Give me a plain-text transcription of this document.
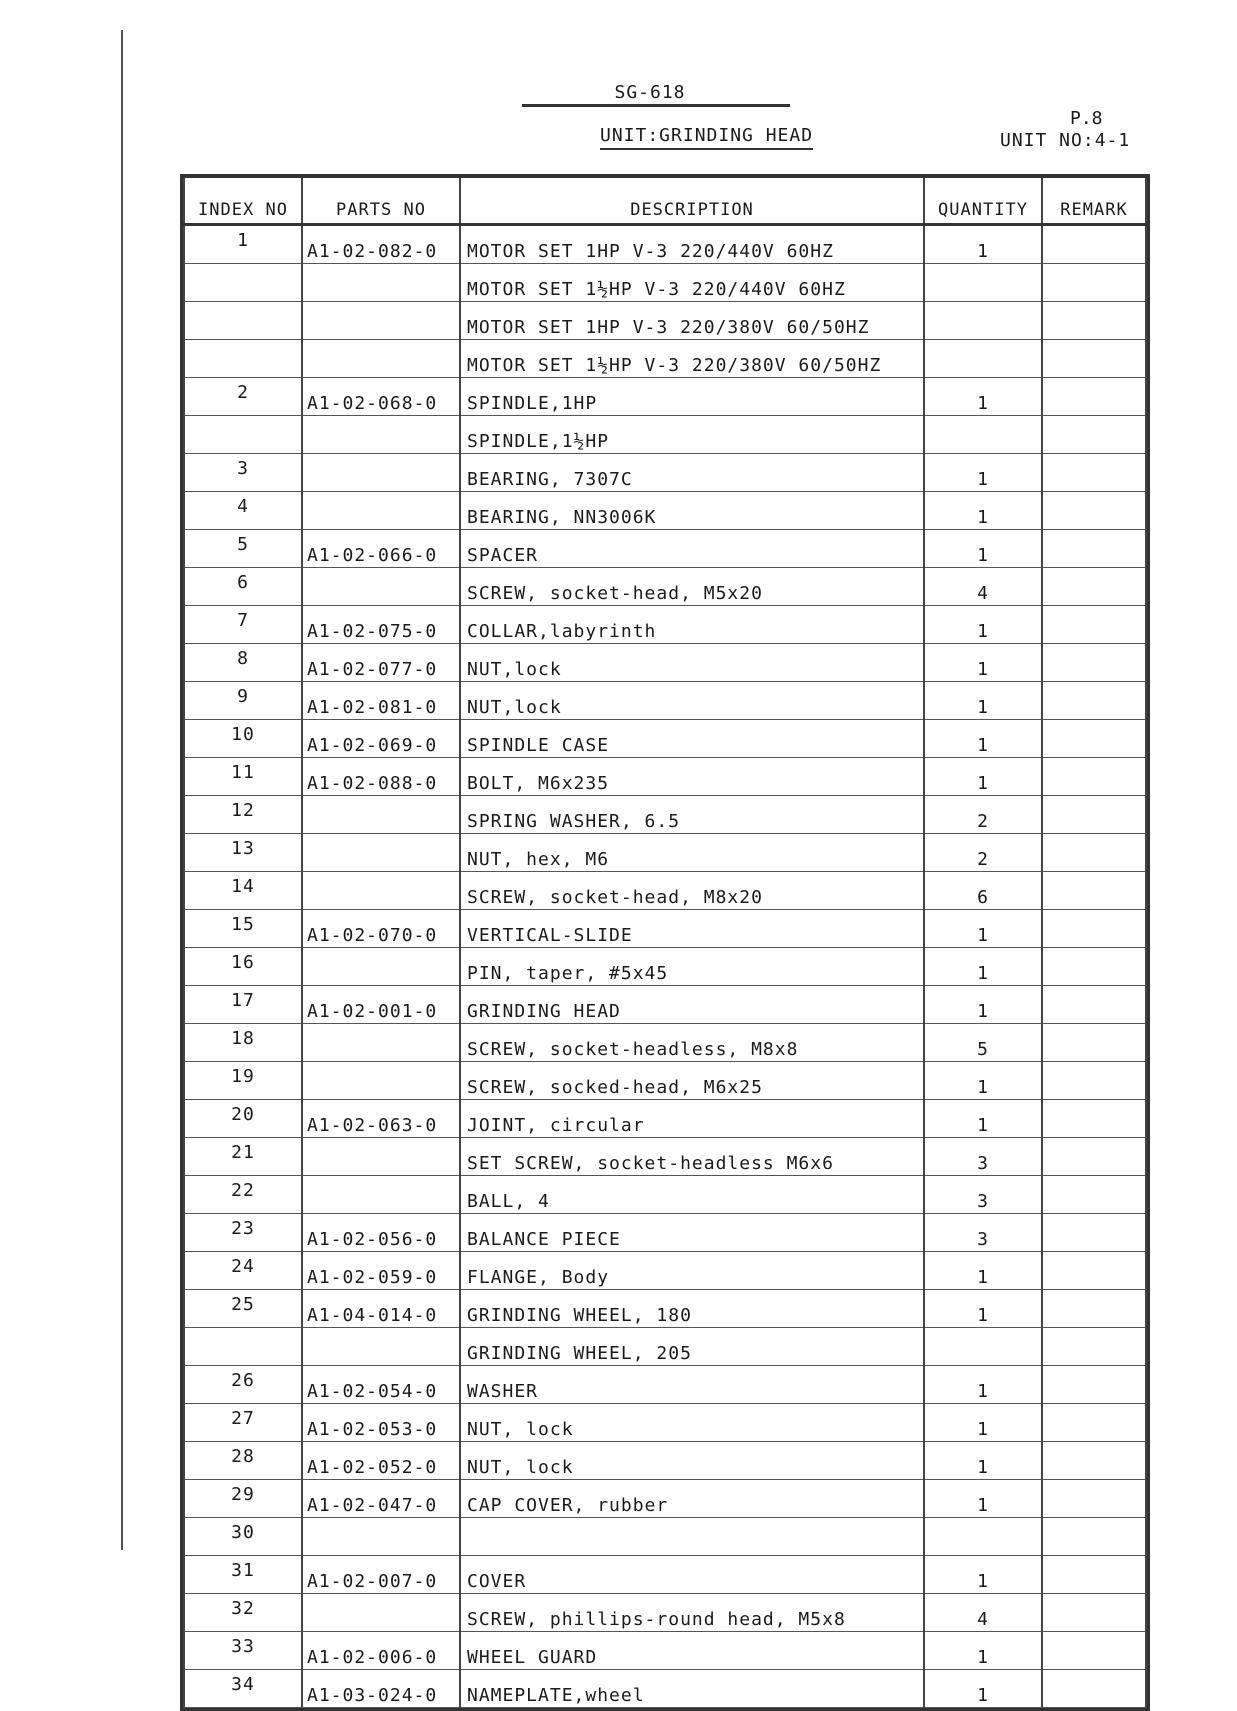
SG-618
UNIT:GRINDING HEAD
P.8
UNIT NO:4-1
INDEX NO	PARTS NO	DESCRIPTION	QUANTITY	REMARK
1	A1-02-082-0	MOTOR SET 1HP V-3 220/440V 60HZ	1	
		MOTOR SET 1½HP V-3 220/440V 60HZ		
		MOTOR SET 1HP V-3 220/380V 60/50HZ		
		MOTOR SET 1½HP V-3 220/380V 60/50HZ		
2	A1-02-068-0	SPINDLE,1HP	1	
		SPINDLE,1½HP		
3		BEARING, 7307C	1	
4		BEARING, NN3006K	1	
5	A1-02-066-0	SPACER	1	
6		SCREW, socket-head, M5x20	4	
7	A1-02-075-0	COLLAR,labyrinth	1	
8	A1-02-077-0	NUT,lock	1	
9	A1-02-081-0	NUT,lock	1	
10	A1-02-069-0	SPINDLE CASE	1	
11	A1-02-088-0	BOLT, M6x235	1	
12		SPRING WASHER, 6.5	2	
13		NUT, hex, M6	2	
14		SCREW, socket-head, M8x20	6	
15	A1-02-070-0	VERTICAL-SLIDE	1	
16		PIN, taper, #5x45	1	
17	A1-02-001-0	GRINDING HEAD	1	
18		SCREW, socket-headless, M8x8	5	
19		SCREW, socked-head, M6x25	1	
20	A1-02-063-0	JOINT, circular	1	
21		SET SCREW, socket-headless M6x6	3	
22		BALL, 4	3	
23	A1-02-056-0	BALANCE PIECE	3	
24	A1-02-059-0	FLANGE, Body	1	
25	A1-04-014-0	GRINDING WHEEL, 180	1	
		GRINDING WHEEL, 205		
26	A1-02-054-0	WASHER	1	
27	A1-02-053-0	NUT, lock	1	
28	A1-02-052-0	NUT, lock	1	
29	A1-02-047-0	CAP COVER, rubber	1	
30				
31	A1-02-007-0	COVER	1	
32		SCREW, phillips-round head, M5x8	4	
33	A1-02-006-0	WHEEL GUARD	1	
34	A1-03-024-0	NAMEPLATE,wheel	1	
